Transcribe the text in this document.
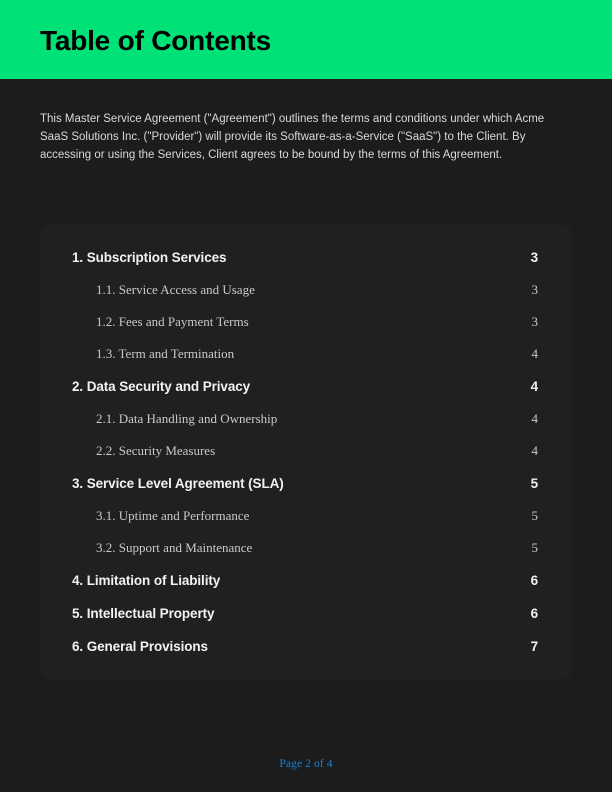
Table of Contents

This Master Service Agreement ("Agreement") outlines the terms and conditions under which Acme SaaS Solutions Inc. ("Provider") will provide its Software-as-a-Service ("SaaS") to the Client. By accessing or using the Services, Client agrees to be bound by the terms of this Agreement.

1. Subscription Services	3
1.1. Service Access and Usage	3
1.2. Fees and Payment Terms	3
1.3. Term and Termination	4
2. Data Security and Privacy	4
2.1. Data Handling and Ownership	4
2.2. Security Measures	4
3. Service Level Agreement (SLA)	5
3.1. Uptime and Performance	5
3.2. Support and Maintenance	5
4. Limitation of Liability	6
5. Intellectual Property	6
6. General Provisions	7
Page 2 of 4
